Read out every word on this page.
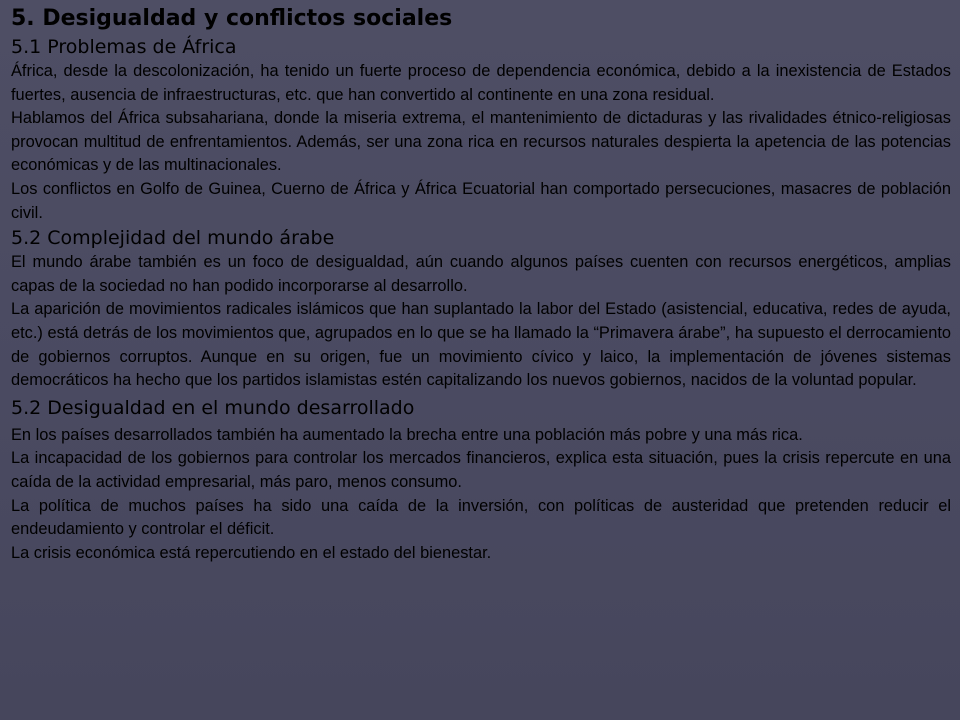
5. Desigualdad y conflictos sociales
5.1 Problemas de África

África, desde la descolonización, ha tenido un fuerte proceso de dependencia económica, debido a la inexistencia de Estados fuertes, ausencia de infraestructuras, etc. que han convertido al continente en una zona residual.

Hablamos del África subsahariana, donde la miseria extrema, el mantenimiento de dictaduras y las rivalidades étnico-religiosas provocan multitud de enfrentamientos. Además, ser una zona rica en recursos naturales despierta la apetencia de las potencias económicas y de las multinacionales.

Los conflictos en Golfo de Guinea, Cuerno de África y África Ecuatorial han comportado persecuciones, masacres de población civil.

5.2 Complejidad del mundo árabe

El mundo árabe también es un foco de desigualdad, aún cuando algunos países cuenten con recursos energéticos, amplias capas de la sociedad no han podido incorporarse al desarrollo.

La aparición de movimientos radicales islámicos que han suplantado la labor del Estado (asistencial, educativa, redes de ayuda, etc.) está detrás de los movimientos que, agrupados en lo que se ha llamado la “Primavera árabe”, ha supuesto el derrocamiento de gobiernos corruptos. Aunque en su origen, fue un movimiento cívico y laico, la implementación de jóvenes sistemas democráticos ha hecho que los partidos islamistas estén capitalizando los nuevos gobiernos, nacidos de la voluntad popular.

5.2 Desigualdad en el mundo desarrollado

En los países desarrollados también ha aumentado la brecha entre una población más pobre y una más rica.

La incapacidad de los gobiernos para controlar los mercados financieros, explica esta situación, pues la crisis repercute en una caída de la actividad empresarial, más paro, menos consumo.

La política de muchos países ha sido una caída de la inversión, con políticas de austeridad que pretenden reducir el endeudamiento y controlar el déficit.

La crisis económica está repercutiendo en el estado del bienestar.
